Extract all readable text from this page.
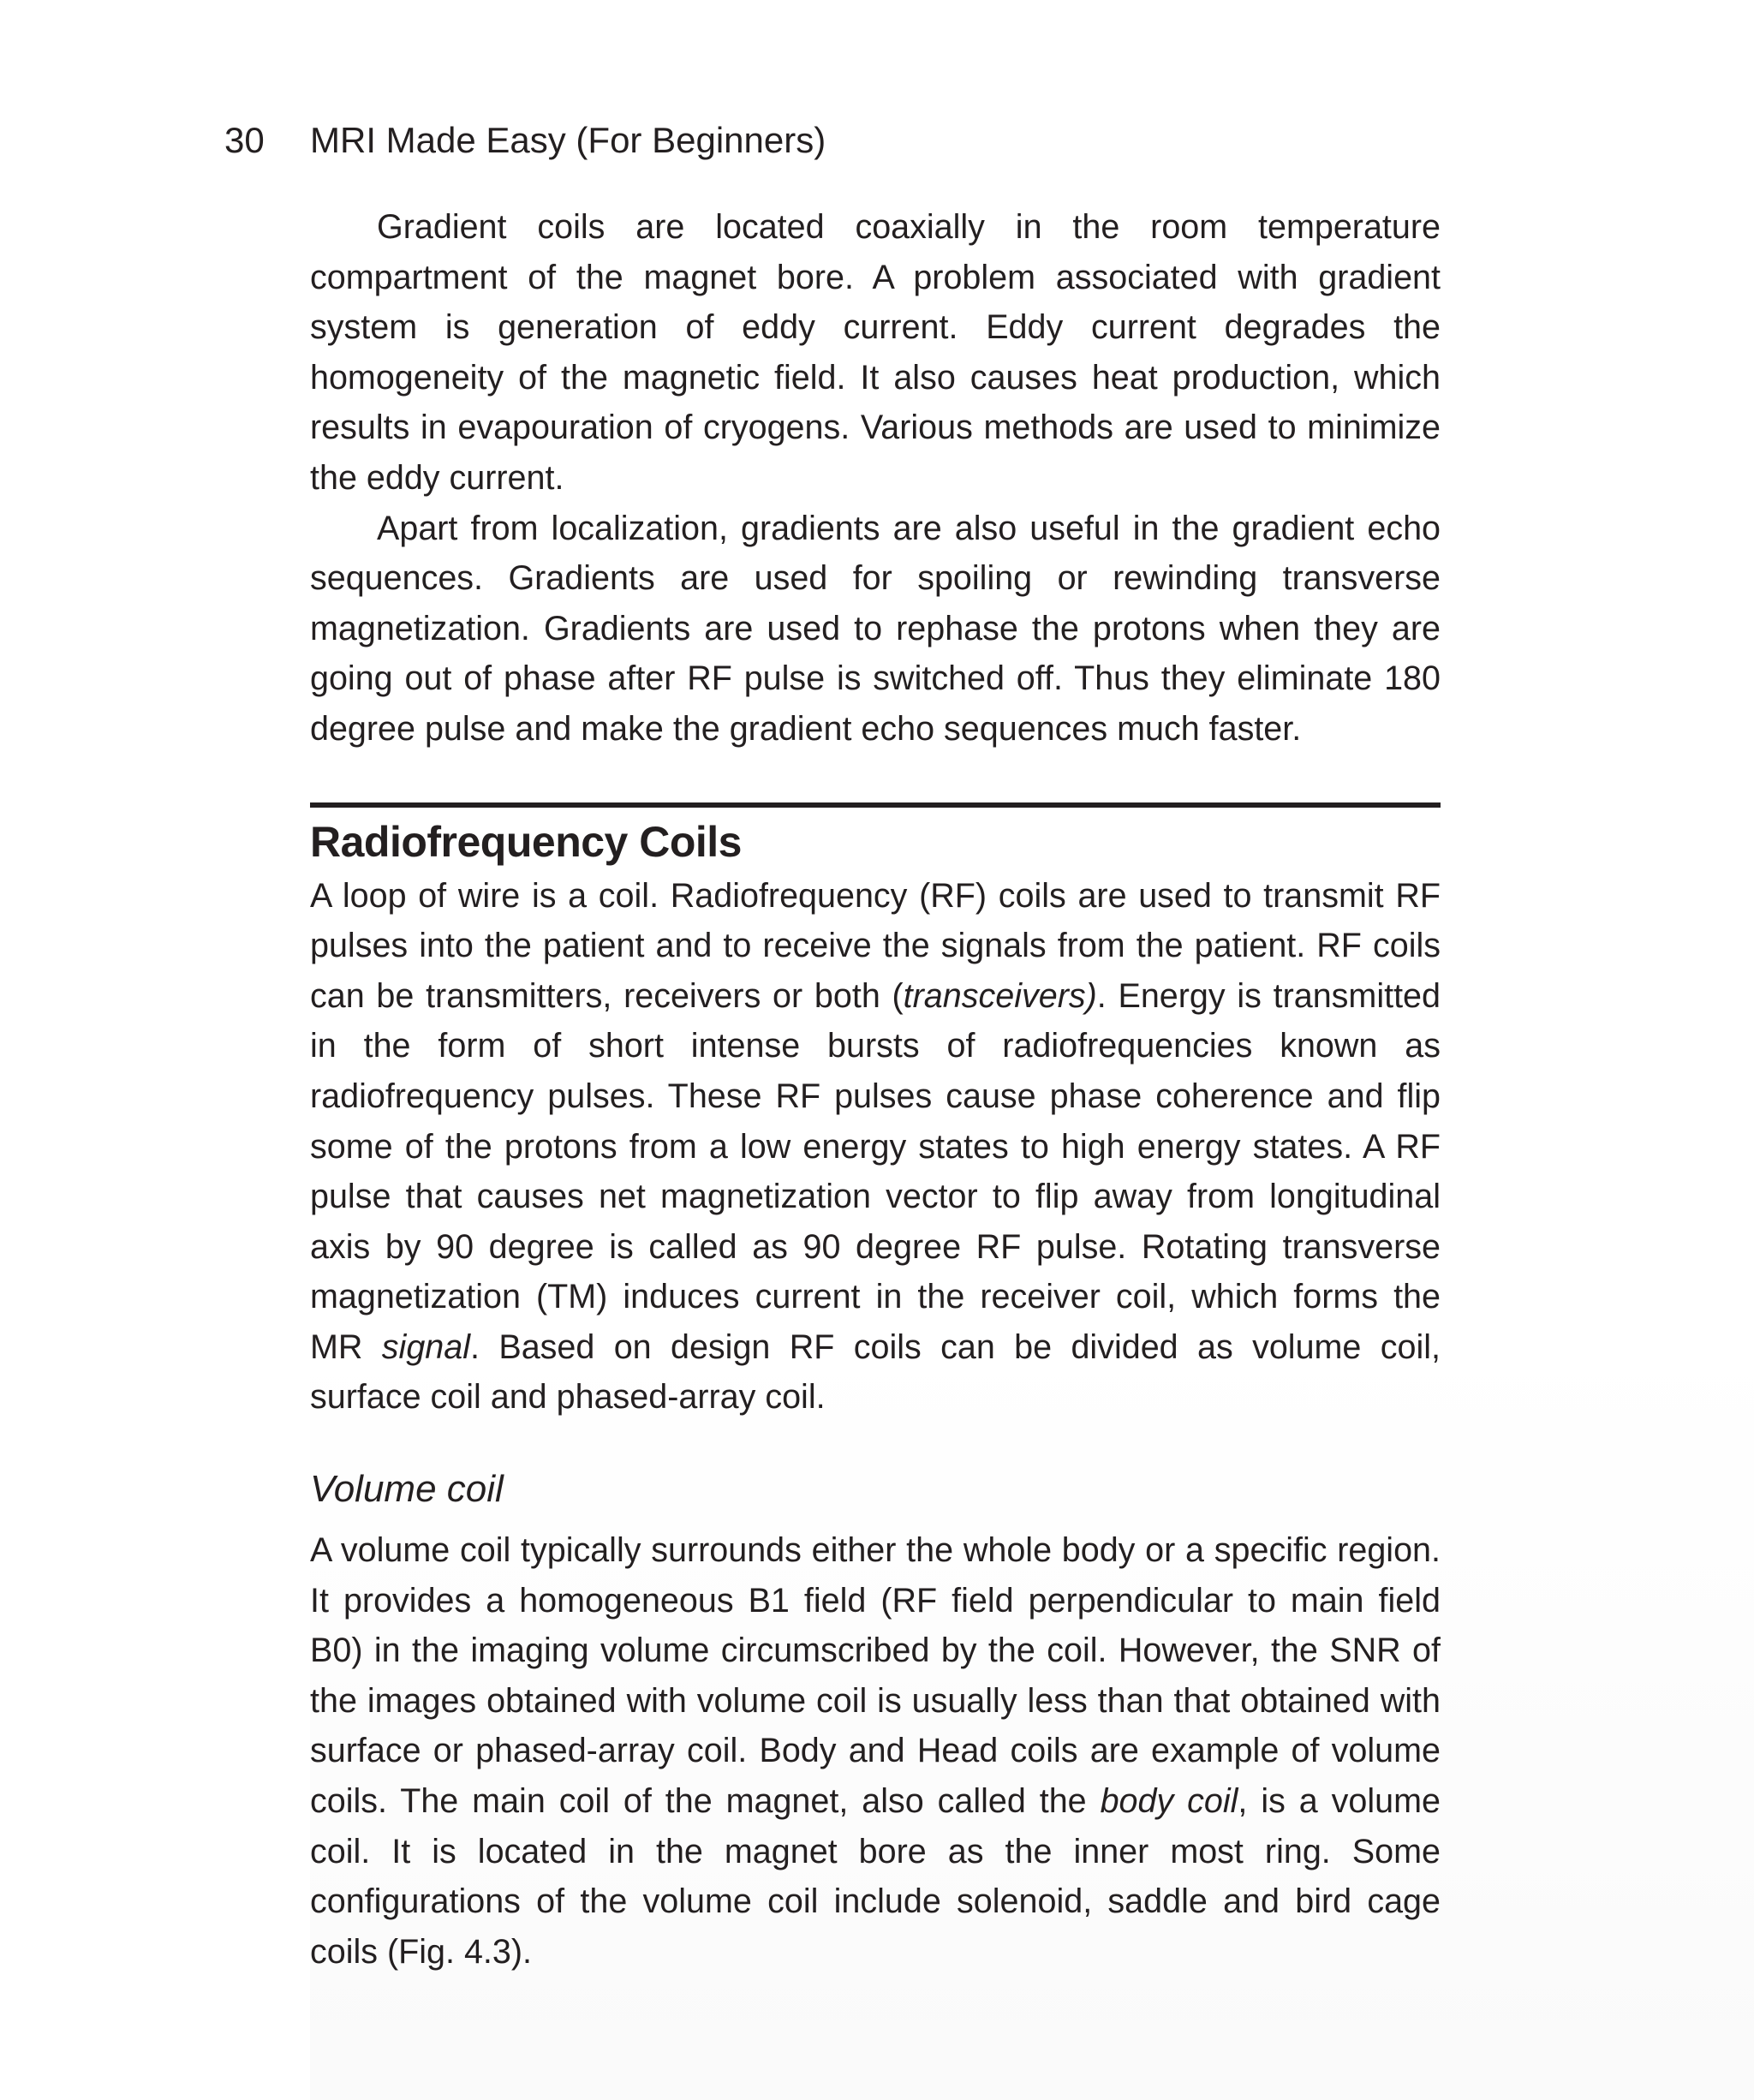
30 MRI Made Easy (For Beginners)

Gradient coils are located coaxially in the room temperature compartment of the magnet bore. A problem associated with gradient system is generation of eddy current. Eddy current degrades the homogeneity of the magnetic field. It also causes heat production, which results in evapouration of cryogens. Various methods are used to minimize the eddy current.

Apart from localization, gradients are also useful in the gradient echo sequences. Gradients are used for spoiling or rewinding transverse magnetization. Gradients are used to rephase the protons when they are going out of phase after RF pulse is switched off. Thus they eliminate 180 degree pulse and make the gradient echo sequences much faster.

Radiofrequency Coils

A loop of wire is a coil. Radiofrequency (RF) coils are used to transmit RF pulses into the patient and to receive the signals from the patient. RF coils can be transmitters, receivers or both (transceivers). Energy is transmitted in the form of short intense bursts of radiofrequencies known as radiofrequency pulses. These RF pulses cause phase coherence and flip some of the protons from a low energy states to high energy states. A RF pulse that causes net magnetization vector to flip away from longitudinal axis by 90 degree is called as 90 degree RF pulse. Rotating transverse magnetization (TM) induces current in the receiver coil, which forms the MR signal. Based on design RF coils can be divided as volume coil, surface coil and phased-array coil.

Volume coil

A volume coil typically surrounds either the whole body or a specific region. It provides a homogeneous B1 field (RF field perpendicular to main field B0) in the imaging volume circumscribed by the coil. However, the SNR of the images obtained with volume coil is usually less than that obtained with surface or phased-array coil. Body and Head coils are example of volume coils. The main coil of the magnet, also called the body coil, is a volume coil. It is located in the magnet bore as the inner most ring. Some configurations of the volume coil include solenoid, saddle and bird cage coils (Fig. 4.3).
